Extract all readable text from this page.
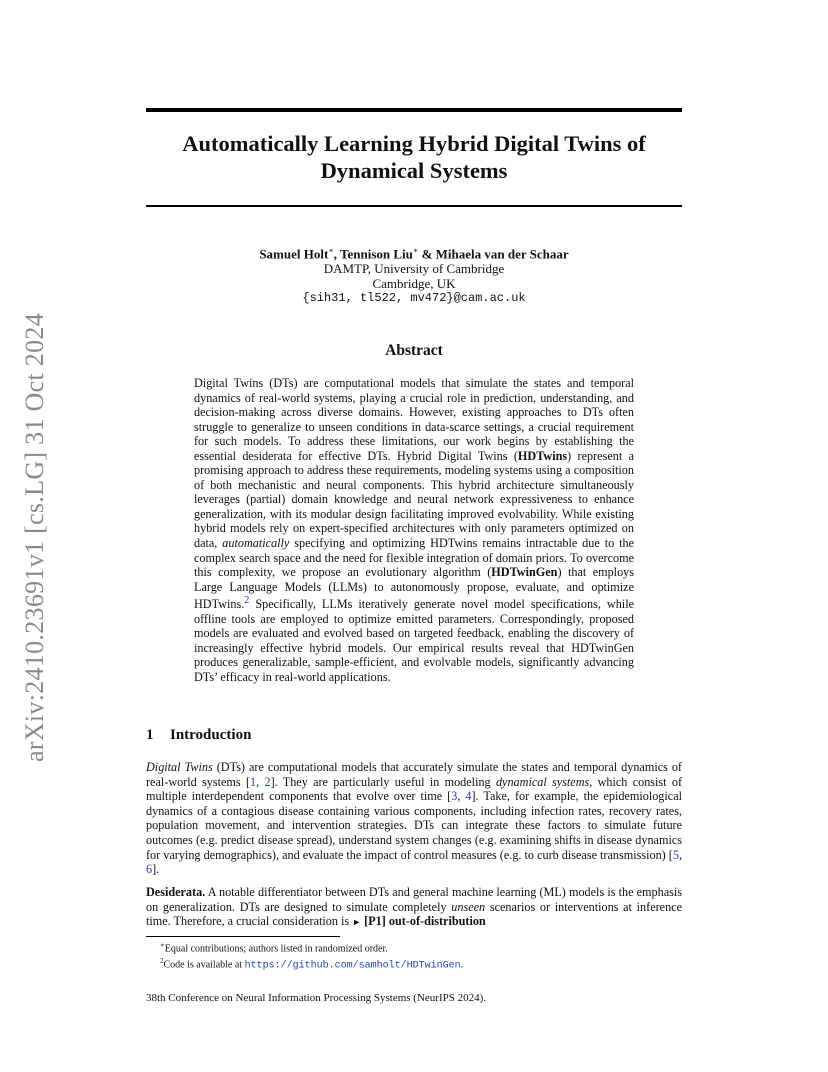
arXiv:2410.23691v1 [cs.LG] 31 Oct 2024
Automatically Learning Hybrid Digital Twins of
Dynamical Systems
Samuel Holt∗, Tennison Liu∗ & Mihaela van der Schaar
DAMTP, University of Cambridge
Cambridge, UK
{sih31, tl522, mv472}@cam.ac.uk
Abstract
Digital Twins (DTs) are computational models that simulate the states and temporal dynamics of real-world systems, playing a crucial role in prediction, understanding, and decision-making across diverse domains. However, existing approaches to DTs often struggle to generalize to unseen conditions in data-scarce settings, a crucial requirement for such models. To address these limitations, our work begins by establishing the essential desiderata for effective DTs. Hybrid Digital Twins (HDTwins) represent a promising approach to address these requirements, modeling systems using a composition of both mechanistic and neural components. This hybrid architecture simultaneously leverages (partial) domain knowledge and neural network expressiveness to enhance generalization, with its modular design facilitating improved evolvability. While existing hybrid models rely on expert-specified architectures with only parameters optimized on data, automatically specifying and optimizing HDTwins remains intractable due to the complex search space and the need for flexible integration of domain priors. To overcome this complexity, we propose an evolutionary algorithm (HDTwinGen) that employs Large Language Models (LLMs) to autonomously propose, evaluate, and optimize HDTwins.$^2$ Specifically, LLMs iteratively generate novel model specifications, while offline tools are employed to optimize emitted parameters. Correspondingly, proposed models are evaluated and evolved based on targeted feedback, enabling the discovery of increasingly effective hybrid models. Our empirical results reveal that HDTwinGen produces generalizable, sample-efficient, and evolvable models, significantly advancing DTs’ efficacy in real-world applications.
1 Introduction
Digital Twins (DTs) are computational models that accurately simulate the states and temporal dynamics of real-world systems [1, 2]. They are particularly useful in modeling dynamical systems, which consist of multiple interdependent components that evolve over time [3, 4]. Take, for example, the epidemiological dynamics of a contagious disease containing various components, including infection rates, recovery rates, population movement, and intervention strategies. DTs can integrate these factors to simulate future outcomes (e.g. predict disease spread), understand system changes (e.g. examining shifts in disease dynamics for varying demographics), and evaluate the impact of control measures (e.g. to curb disease transmission) [5, 6].
Desiderata. A notable differentiator between DTs and general machine learning (ML) models is the emphasis on generalization. DTs are designed to simulate completely unseen scenarios or interventions at inference time. Therefore, a crucial consideration is ► [P1] out-of-distribution
∗Equal contributions; authors listed in randomized order.
$^2$Code is available at https://github.com/samholt/HDTwinGen.
38th Conference on Neural Information Processing Systems (NeurIPS 2024).
